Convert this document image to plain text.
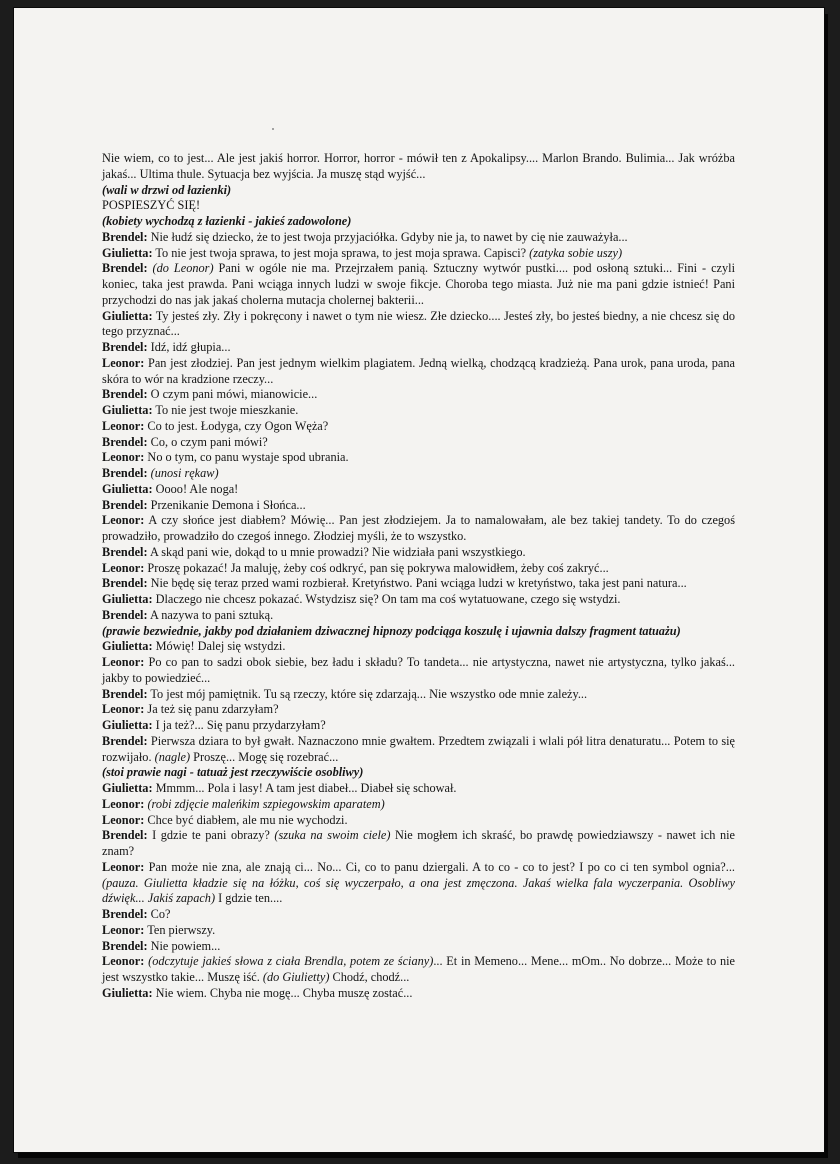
Nie wiem, co to jest... Ale jest jakiś horror. Horror, horror - mówił ten z Apokalipsy.... Marlon Brando. Bulimia... Jak wróżba jakaś... Ultima thule. Sytuacja bez wyjścia. Ja muszę stąd wyjść...

(wali w drzwi od łazienki)

POSPIESZYĆ SIĘ!

(kobiety wychodzą z łazienki - jakieś zadowolone)

Brendel: Nie łudź się dziecko, że to jest twoja przyjaciółka. Gdyby nie ja, to nawet by cię nie zauważyła...

Giulietta: To nie jest twoja sprawa, to jest moja sprawa, to jest moja sprawa. Capisci? (zatyka sobie uszy)

Brendel: (do Leonor) Pani w ogóle nie ma. Przejrzałem panią. Sztuczny wytwór pustki.... pod osłoną sztuki... Fini - czyli koniec, taka jest prawda. Pani wciąga innych ludzi w swoje fikcje. Choroba tego miasta. Już nie ma pani gdzie istnieć! Pani przychodzi do nas jak jakaś cholerna mutacja cholernej bakterii...

Giulietta: Ty jesteś zły. Zły i pokręcony i nawet o tym nie wiesz. Złe dziecko.... Jesteś zły, bo jesteś biedny, a nie chcesz się do tego przyznać...

Brendel: Idź, idź głupia...

Leonor: Pan jest złodziej. Pan jest jednym wielkim plagiatem. Jedną wielką, chodzącą kradzieżą. Pana urok, pana uroda, pana skóra to wór na kradzione rzeczy...

Brendel: O czym pani mówi, mianowicie...

Giulietta: To nie jest twoje mieszkanie.

Leonor: Co to jest. Łodyga, czy Ogon Węża?

Brendel: Co, o czym pani mówi?

Leonor: No o tym, co panu wystaje spod ubrania.

Brendel: (unosi rękaw)

Giulietta: Oooo! Ale noga!

Brendel: Przenikanie Demona i Słońca...

Leonor: A czy słońce jest diabłem? Mówię... Pan jest złodziejem. Ja to namalowałam, ale bez takiej tandety. To do czegoś prowadziło, prowadziło do czegoś innego. Złodziej myśli, że to wszystko.

Brendel: A skąd pani wie, dokąd to u mnie prowadzi? Nie widziała pani wszystkiego.

Leonor: Proszę pokazać! Ja maluję, żeby coś odkryć, pan się pokrywa malowidłem, żeby coś zakryć...

Brendel: Nie będę się teraz przed wami rozbierał. Kretyństwo. Pani wciąga ludzi w kretyństwo, taka jest pani natura...

Giulietta: Dlaczego nie chcesz pokazać. Wstydzisz się? On tam ma coś wytatuowane, czego się wstydzi.

Brendel: A nazywa to pani sztuką.

(prawie bezwiednie, jakby pod działaniem dziwacznej hipnozy podciąga koszulę i ujawnia dalszy fragment tatuażu)

Giulietta: Mówię! Dalej się wstydzi.

Leonor: Po co pan to sadzi obok siebie, bez ładu i składu? To tandeta... nie artystyczna, nawet nie artystyczna, tylko jakaś... jakby to powiedzieć...

Brendel: To jest mój pamiętnik. Tu są rzeczy, które się zdarzają... Nie wszystko ode mnie zależy...

Leonor: Ja też się panu zdarzyłam?

Giulietta: I ja też?... Się panu przydarzyłam?

Brendel: Pierwsza dziara to był gwałt. Naznaczono mnie gwałtem. Przedtem związali i wlali pół litra denaturatu... Potem to się rozwijało. (nagle) Proszę... Mogę się rozebrać...

(stoi prawie nagi - tatuaż jest rzeczywiście osobliwy)

Giulietta: Mmmm... Pola i lasy! A tam jest diabeł... Diabeł się schował.

Leonor: (robi zdjęcie maleńkim szpiegowskim aparatem)

Leonor: Chce być diabłem, ale mu nie wychodzi.

Brendel: I gdzie te pani obrazy? (szuka na swoim ciele) Nie mogłem ich skraść, bo prawdę powiedziawszy - nawet ich nie znam?

Leonor: Pan może nie zna, ale znają ci... No... Ci, co to panu dziergali. A to co - co to jest? I po co ci ten symbol ognia?... (pauza. Giulietta kładzie się na łóżku, coś się wyczerpało, a ona jest zmęczona. Jakaś wielka fala wyczerpania. Osobliwy dźwięk... Jakiś zapach) I gdzie ten....

Brendel: Co?

Leonor: Ten pierwszy.

Brendel: Nie powiem...

Leonor: (odczytuje jakieś słowa z ciała Brendla, potem ze ściany)... Et in Memeno... Mene... mOm.. No dobrze... Może to nie jest wszystko takie... Muszę iść. (do Giulietty) Chodź, chodź...

Giulietta: Nie wiem. Chyba nie mogę... Chyba muszę zostać...
